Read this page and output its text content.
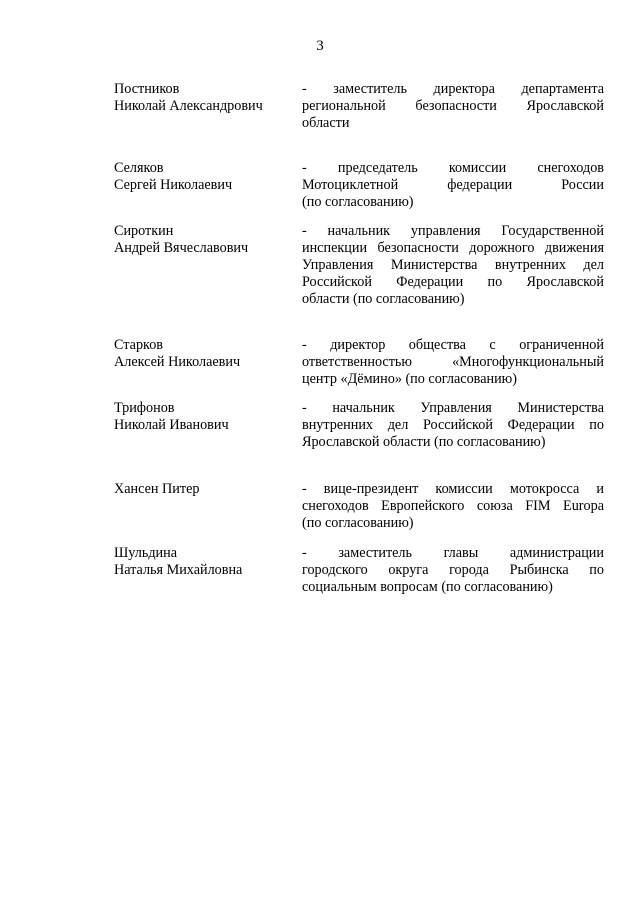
3
Постников
Николай Александрович
- заместитель директора департамента
региональной безопасности Ярославской
области
Селяков
Сергей Николаевич
- председатель комиссии снегоходов
Мотоциклетной федерации России
(по согласованию)
Сироткин
Андрей Вячеславович
- начальник управления Государственной
инспекции безопасности дорожного движения
Управления Министерства внутренних дел
Российской Федерации по Ярославской
области (по согласованию)
Старков
Алексей Николаевич
- директор общества с ограниченной
ответственностью «Многофункциональный
центр «Дёмино» (по согласованию)
Трифонов
Николай Иванович
- начальник Управления Министерства
внутренних дел Российской Федерации по
Ярославской области (по согласованию)
Хансен Питер	- вице-президент комиссии мотокросса и
снегоходов Европейского союза FIM Europa
(по согласованию)
Шульдина
Наталья Михайловна
- заместитель главы администрации
городского округа города Рыбинска по
социальным вопросам (по согласованию)
